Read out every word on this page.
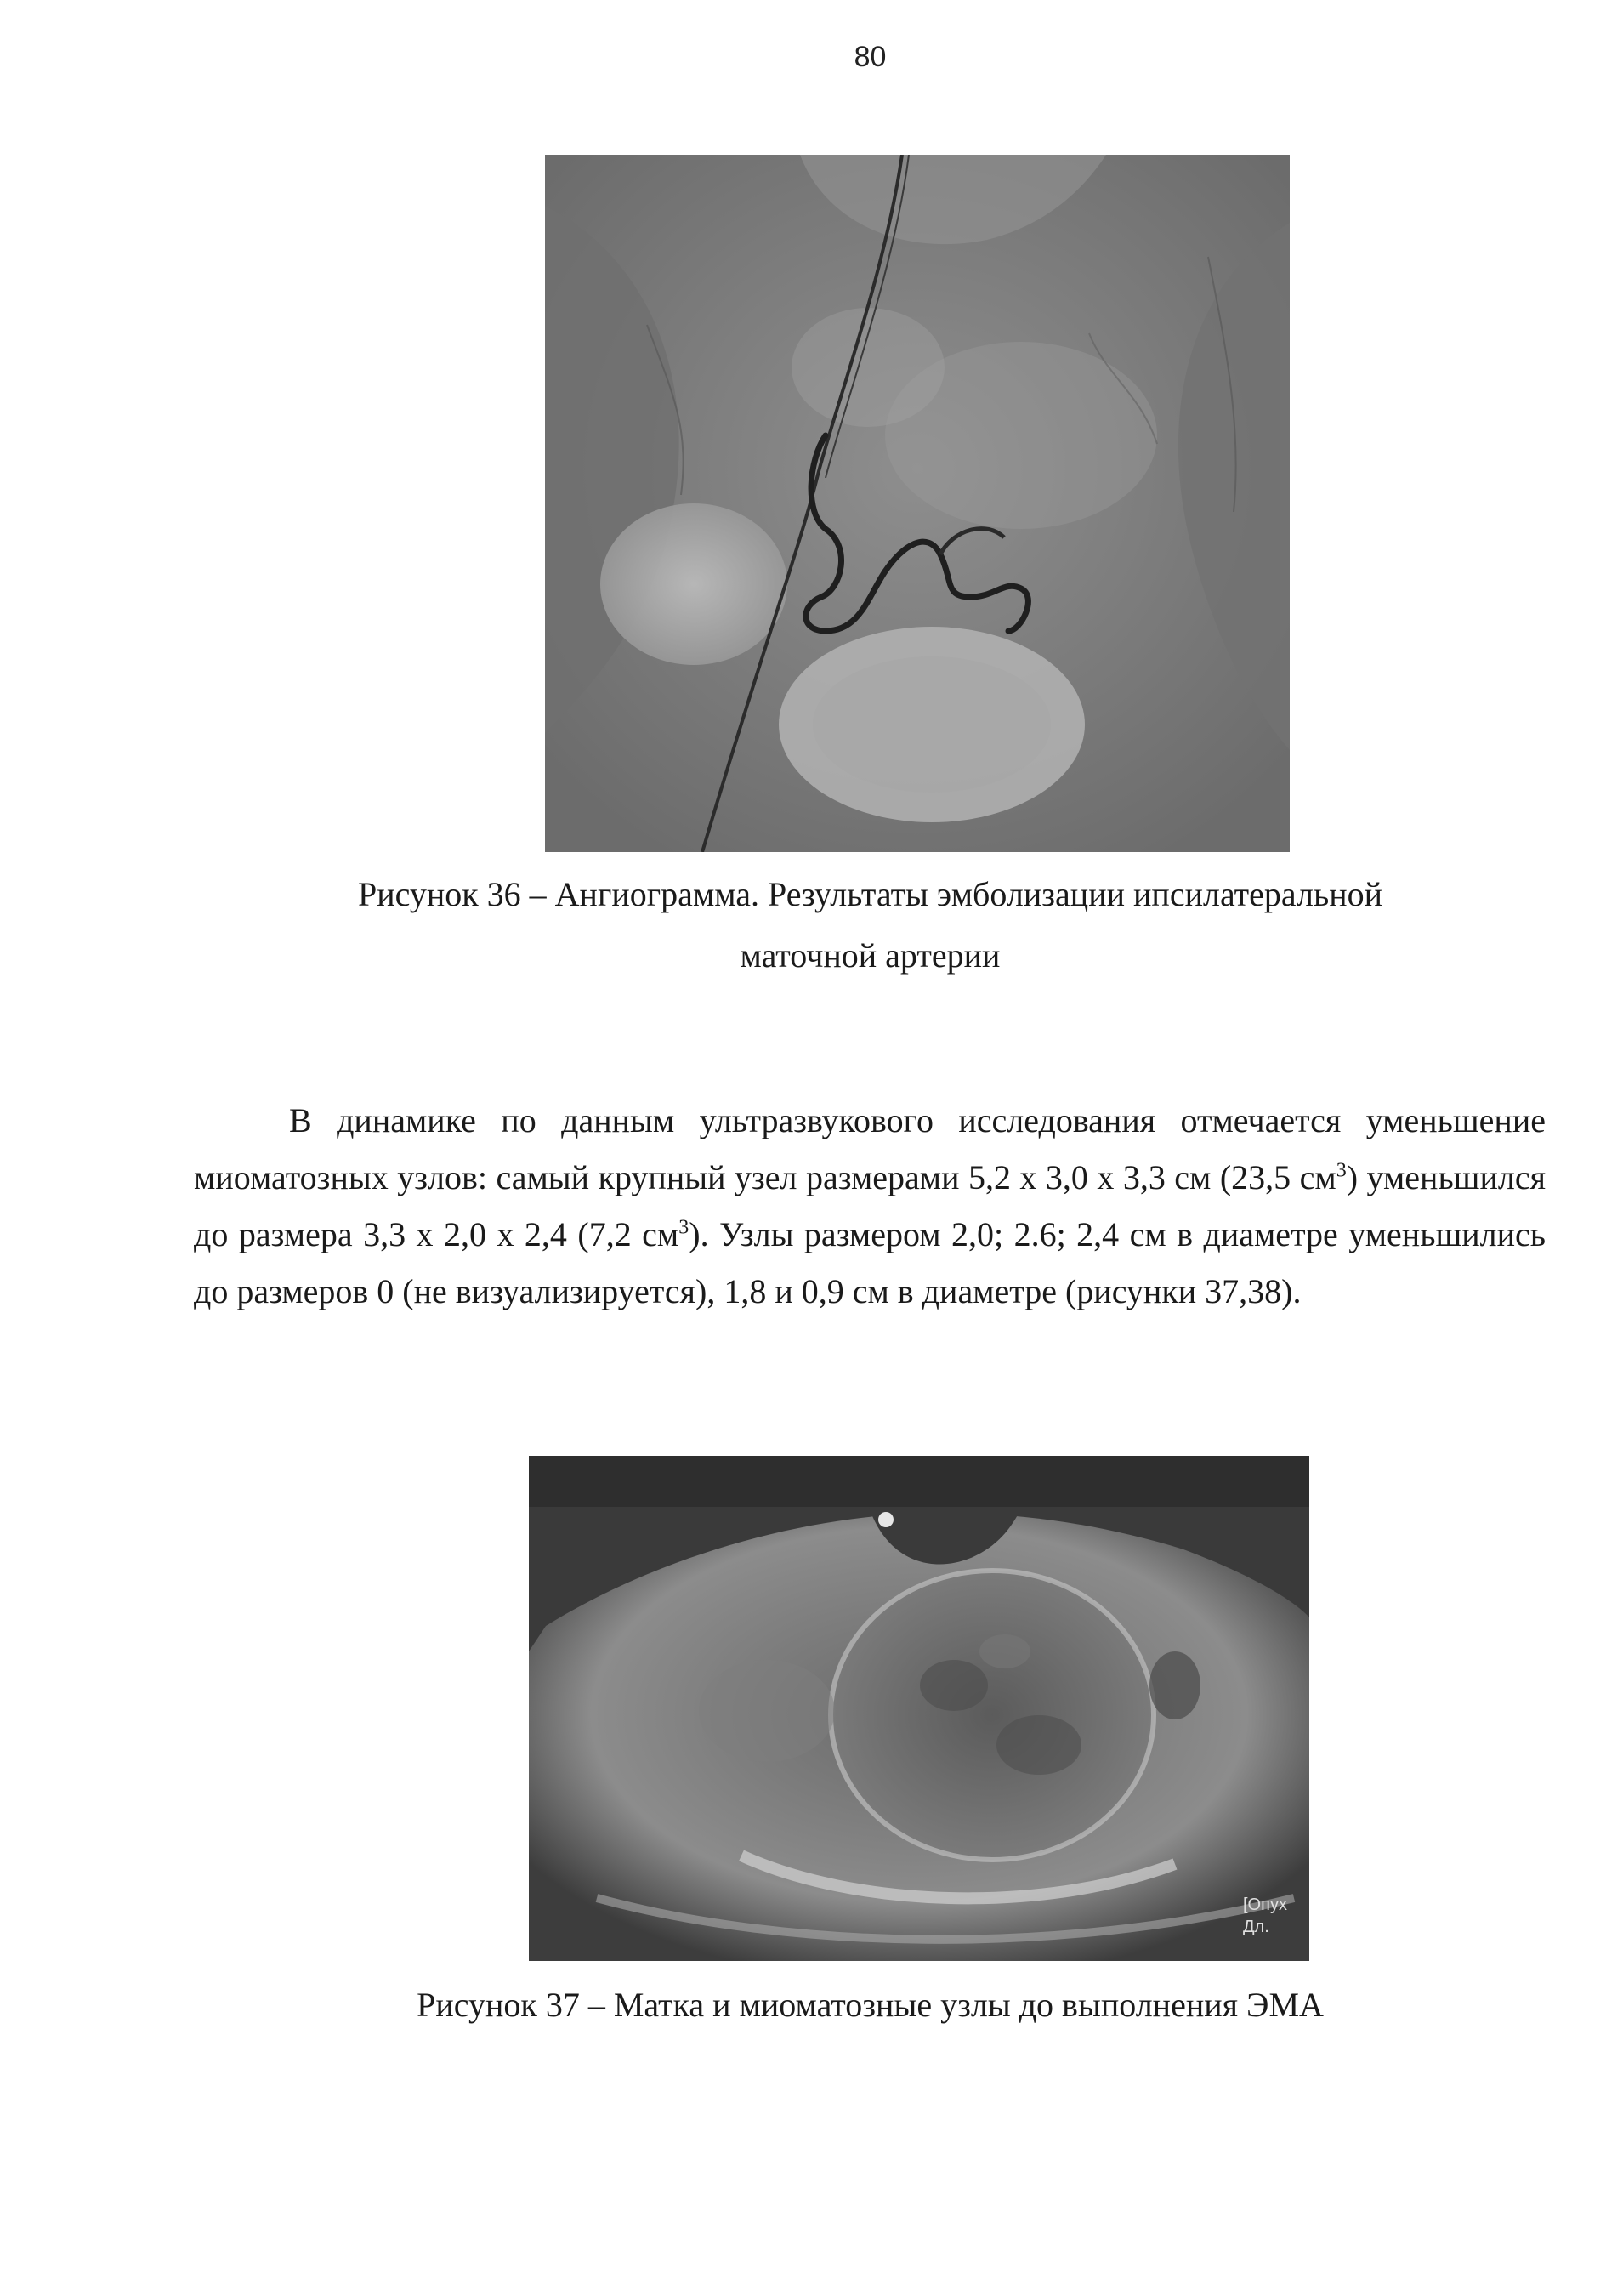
80

Рисунок 36 – Ангиограмма. Результаты эмболизации ипсилатеральной
маточной артерии

В динамике по данным ультразвукового исследования отмечается уменьшение миоматозных узлов: самый крупный узел размерами 5,2 х 3,0 х 3,3 см (23,5 $см^3$) уменьшился до размера 3,3 х 2,0 х 2,4 (7,2 $см^3$). Узлы размером 2,0; 2.6; 2,4 см в диаметре уменьшились до размеров 0 (не визуализируется), 1,8 и 0,9 см в диаметре (рисунки 37,38).

[Опух
Дл.

Рисунок 37 – Матка и миоматозные узлы до выполнения ЭМА
